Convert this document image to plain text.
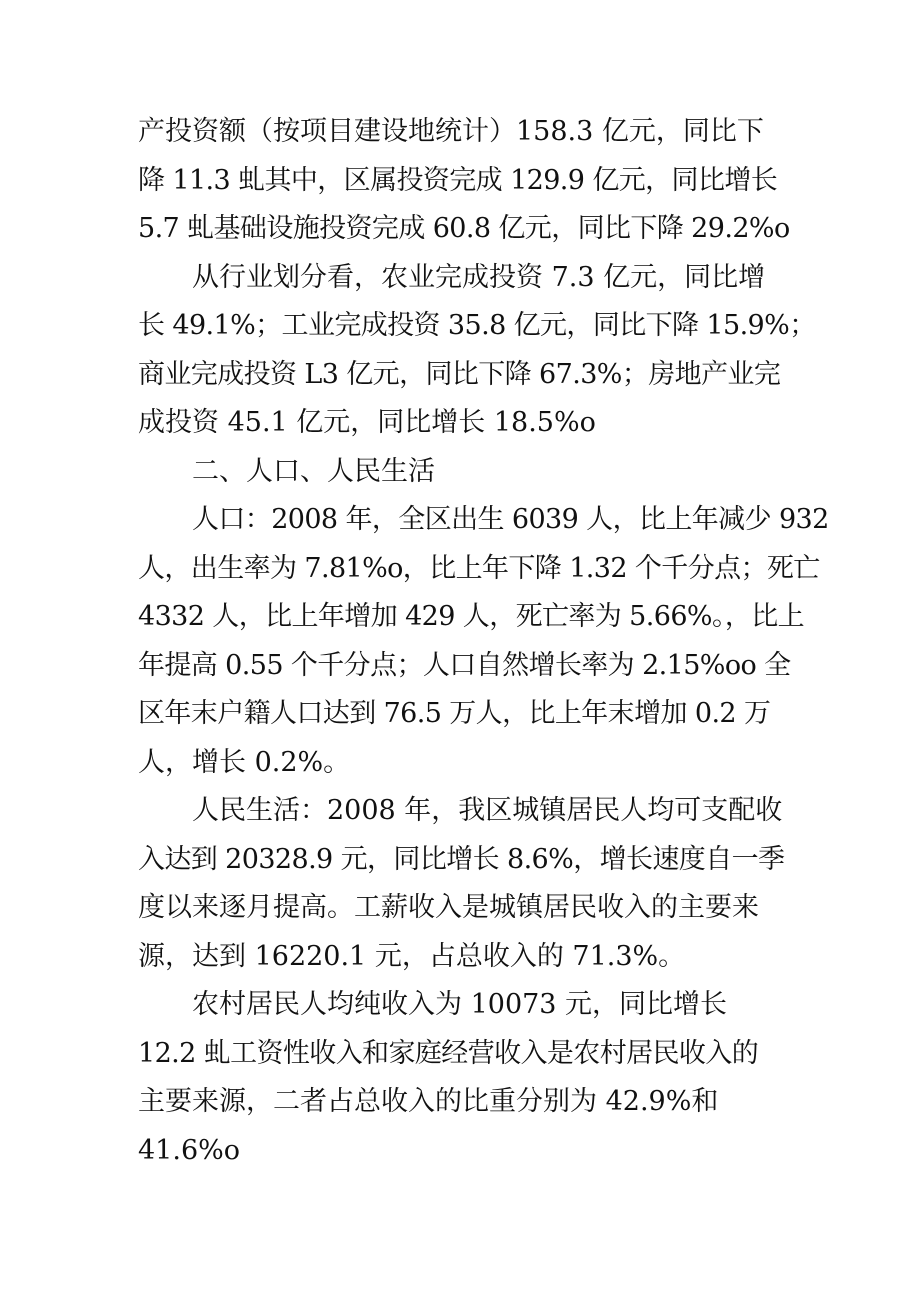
产投资额（按项目建设地统计）158.3 亿元，同比下
降 11.3 虬其中，区属投资完成 129.9 亿元，同比增长
5.7 虬基础设施投资完成 60.8 亿元，同比下降 29.2%o
从行业划分看，农业完成投资 7.3 亿元，同比增
长 49.1%；工业完成投资 35.8 亿元，同比下降 15.9%；
商业完成投资 L3 亿元，同比下降 67.3%；房地产业完
成投资 45.1 亿元，同比增长 18.5%o
二、人口、人民生活
人口：2008 年，全区出生 6039 人，比上年减少 932
人，出生率为 7.81%o，比上年下降 1.32 个千分点；死亡
4332 人，比上年增加 429 人，死亡率为 5.66%。，比上
年提高 0.55 个千分点；人口自然增长率为 2.15%oo 全
区年末户籍人口达到 76.5 万人，比上年末增加 0.2 万
人，增长 0.2%。
人民生活：2008 年，我区城镇居民人均可支配收
入达到 20328.9 元，同比增长 8.6%，增长速度自一季
度以来逐月提高。工薪收入是城镇居民收入的主要来
源，达到 16220.1 元，占总收入的 71.3%。
农村居民人均纯收入为 10073 元，同比增长
12.2 虬工资性收入和家庭经营收入是农村居民收入的
主要来源，二者占总收入的比重分别为 42.9%和
41.6%o
